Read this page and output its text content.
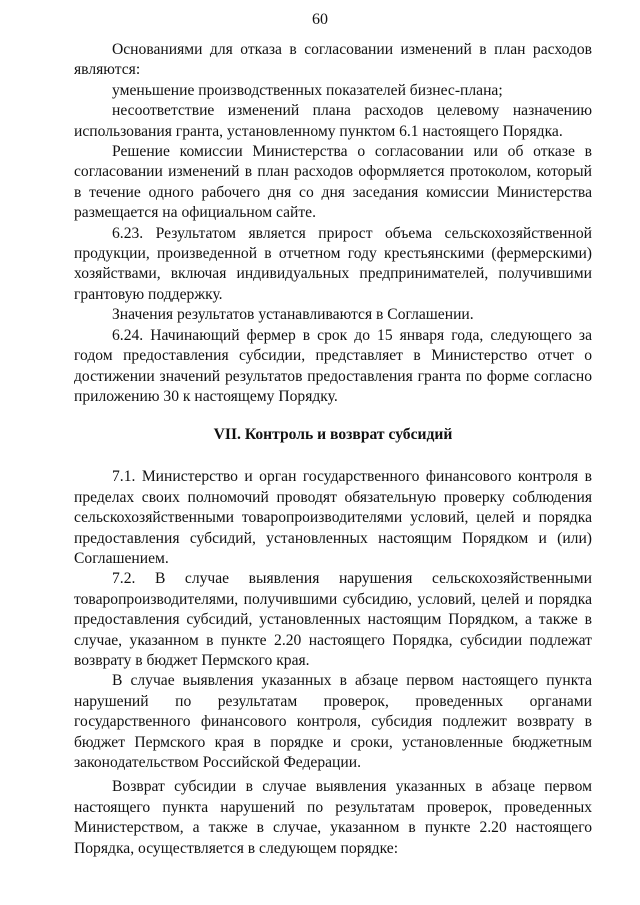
60

Основаниями для отказа в согласовании изменений в план расходов являются:

уменьшение производственных показателей бизнес-плана;

несоответствие изменений плана расходов целевому назначению использования гранта, установленному пунктом 6.1 настоящего Порядка.

Решение комиссии Министерства о согласовании или об отказе в согласовании изменений в план расходов оформляется протоколом, который в течение одного рабочего дня со дня заседания комиссии Министерства размещается на официальном сайте.

6.23. Результатом является прирост объема сельскохозяйственной продукции, произведенной в отчетном году крестьянскими (фермерскими) хозяйствами, включая индивидуальных предпринимателей, получившими грантовую поддержку.

Значения результатов устанавливаются в Соглашении.

6.24. Начинающий фермер в срок до 15 января года, следующего за годом предоставления субсидии, представляет в Министерство отчет о достижении значений результатов предоставления гранта по форме согласно приложению 30 к настоящему Порядку.

VII. Контроль и возврат субсидий

7.1. Министерство и орган государственного финансового контроля в пределах своих полномочий проводят обязательную проверку соблюдения сельскохозяйственными товаропроизводителями условий, целей и порядка предоставления субсидий, установленных настоящим Порядком и (или) Соглашением.

7.2. В случае выявления нарушения сельскохозяйственными товаропроизводителями, получившими субсидию, условий, целей и порядка предоставления субсидий, установленных настоящим Порядком, а также в случае, указанном в пункте 2.20 настоящего Порядка, субсидии подлежат возврату в бюджет Пермского края.

В случае выявления указанных в абзаце первом настоящего пункта нарушений по результатам проверок, проведенных органами государственного финансового контроля, субсидия подлежит возврату в бюджет Пермского края в порядке и сроки, установленные бюджетным законодательством Российской Федерации.

Возврат субсидии в случае выявления указанных в абзаце первом настоящего пункта нарушений по результатам проверок, проведенных Министерством, а также в случае, указанном в пункте 2.20 настоящего Порядка, осуществляется в следующем порядке:
